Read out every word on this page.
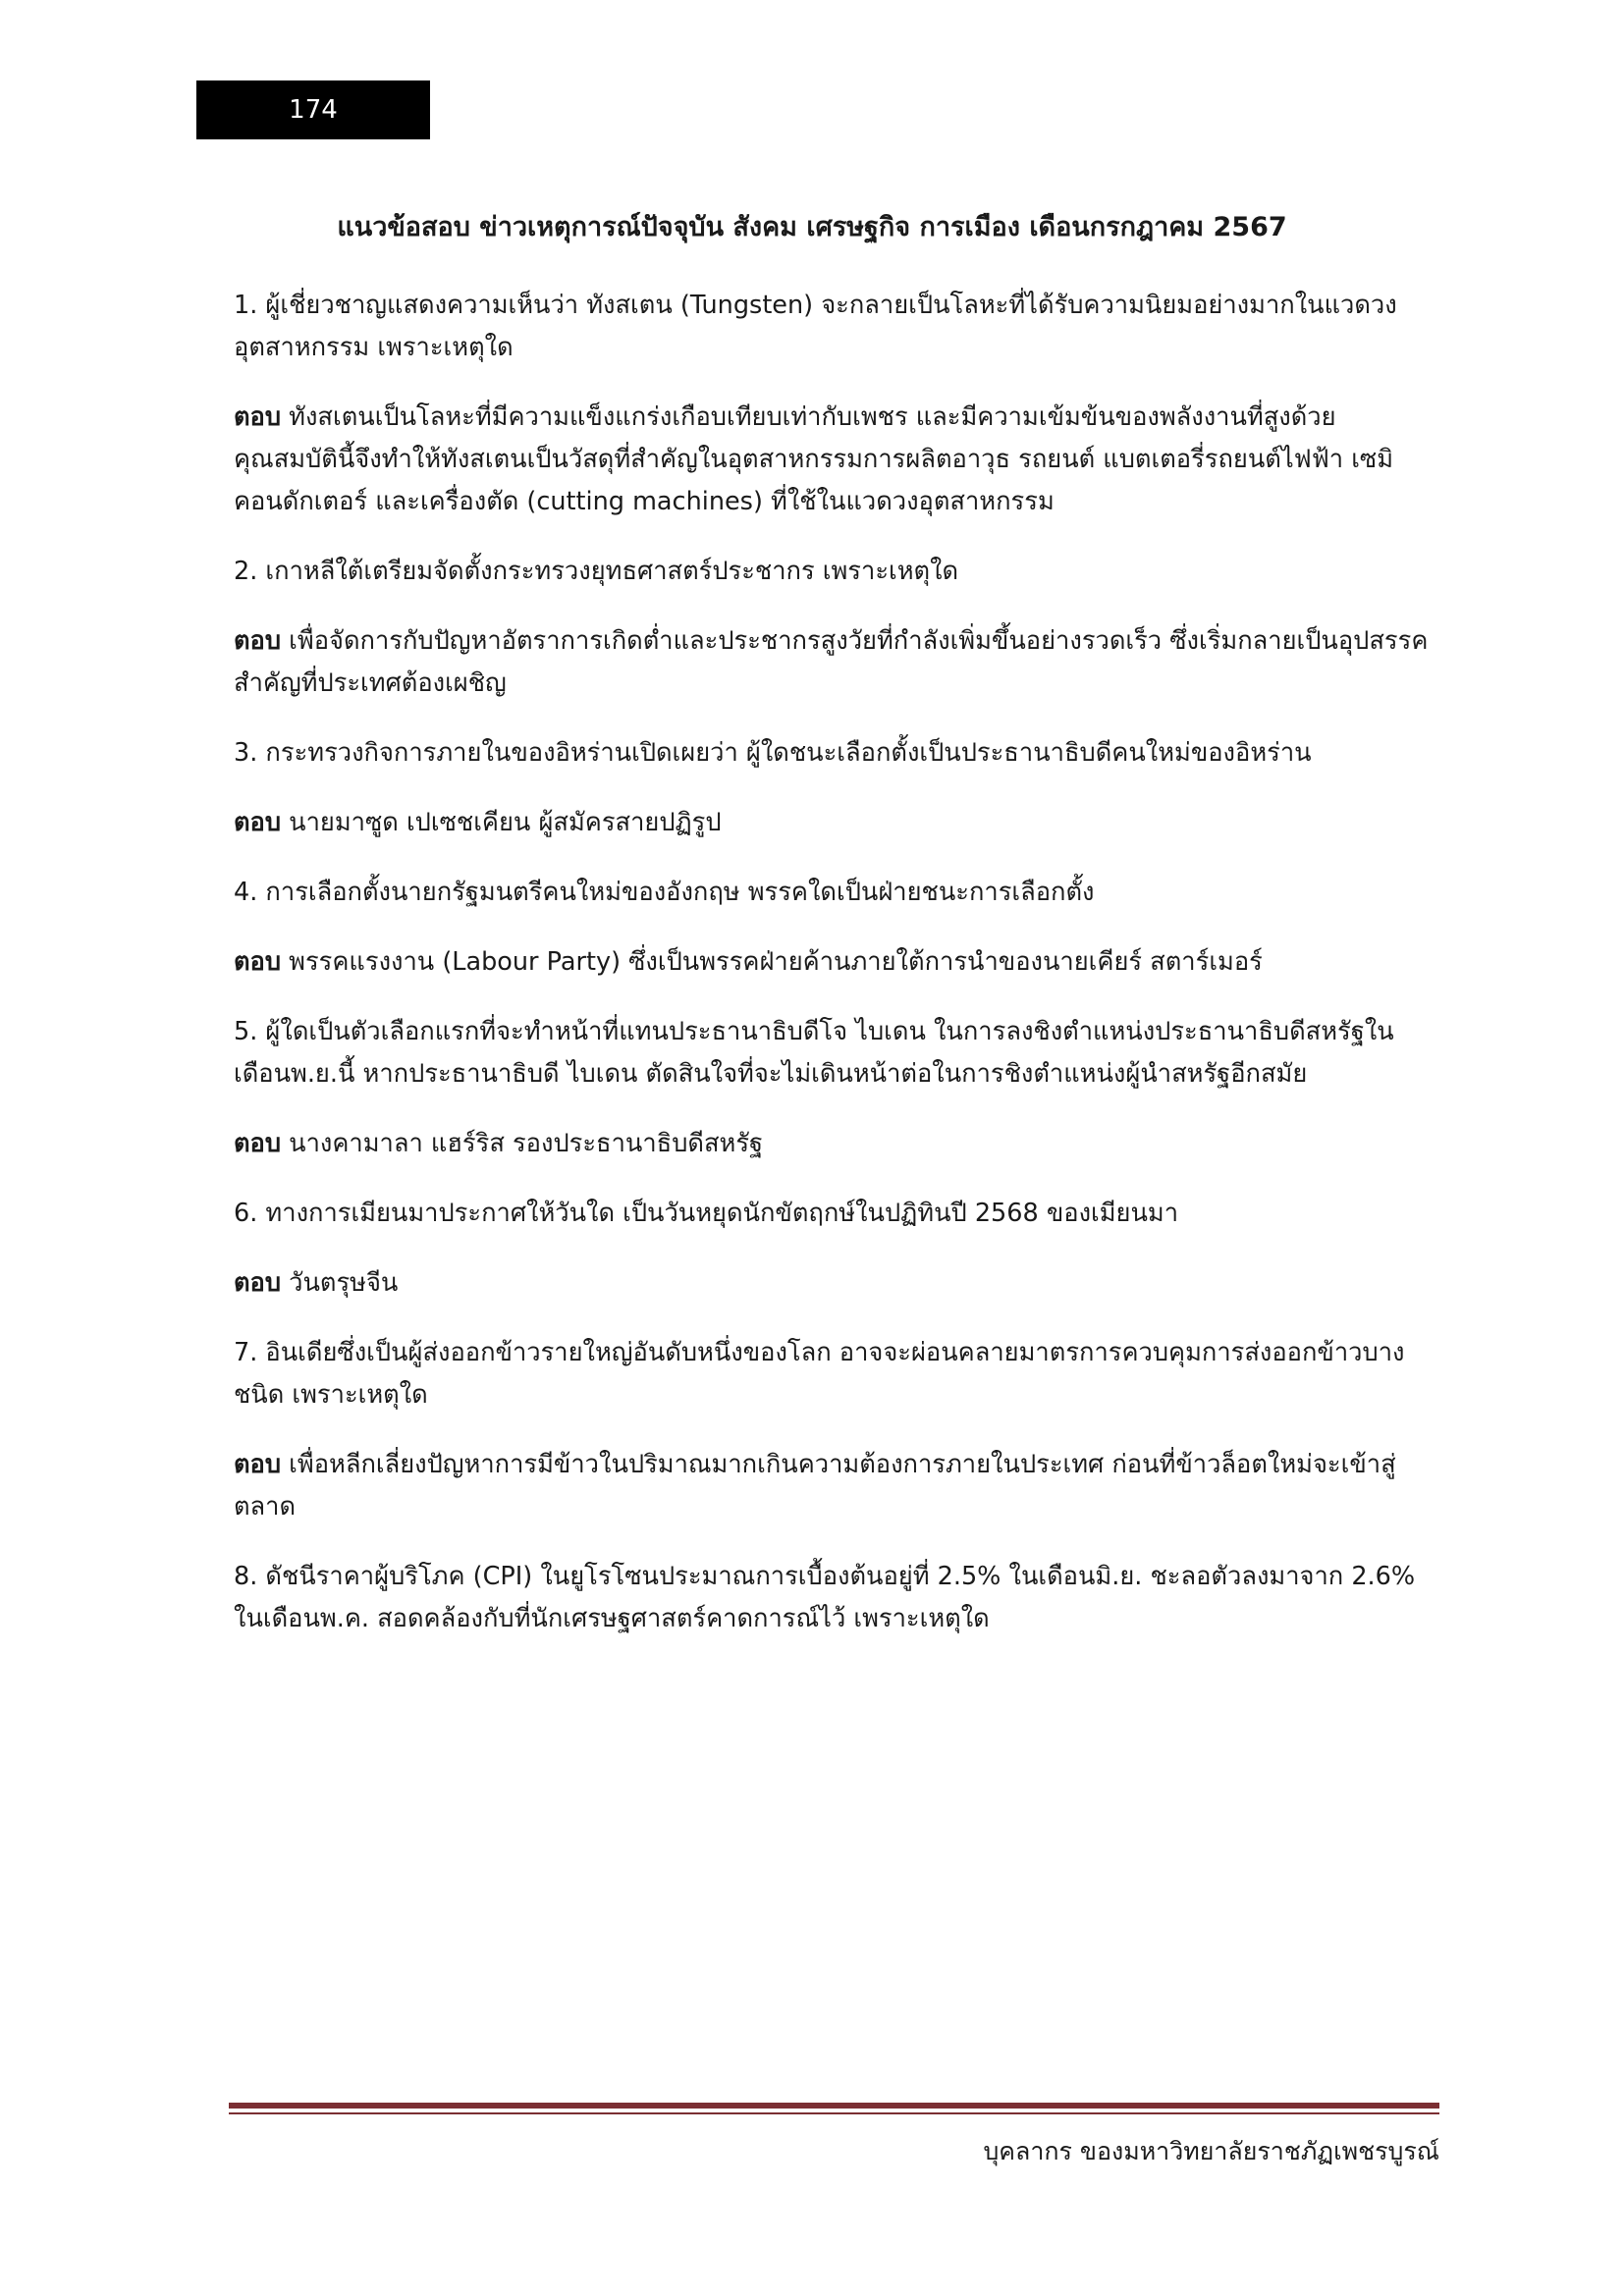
174
แนวข้อสอบ ข่าวเหตุการณ์ปัจจุบัน สังคม เศรษฐกิจ การเมือง เดือนกรกฎาคม 2567

1. ผู้เชี่ยวชาญแสดงความเห็นว่า ทังสเตน (Tungsten) จะกลายเป็นโลหะที่ได้รับความนิยมอย่างมากในแวดวงอุตสาหกรรม เพราะเหตุใด

ตอบ ทังสเตนเป็นโลหะที่มีความแข็งแกร่งเกือบเทียบเท่ากับเพชร และมีความเข้มข้นของพลังงานที่สูงด้วย คุณสมบัตินี้จึงทำให้ทังสเตนเป็นวัสดุที่สำคัญในอุตสาหกรรมการผลิตอาวุธ รถยนต์ แบตเตอรี่รถยนต์ไฟฟ้า เซมิคอนดักเตอร์ และเครื่องตัด (cutting machines) ที่ใช้ในแวดวงอุตสาหกรรม

2. เกาหลีใต้เตรียมจัดตั้งกระทรวงยุทธศาสตร์ประชากร เพราะเหตุใด

ตอบ เพื่อจัดการกับปัญหาอัตราการเกิดต่ำและประชากรสูงวัยที่กำลังเพิ่มขึ้นอย่างรวดเร็ว ซึ่งเริ่มกลายเป็นอุปสรรคสำคัญที่ประเทศต้องเผชิญ

3. กระทรวงกิจการภายในของอิหร่านเปิดเผยว่า ผู้ใดชนะเลือกตั้งเป็นประธานาธิบดีคนใหม่ของอิหร่าน

ตอบ นายมาซูด เปเซชเคียน ผู้สมัครสายปฏิรูป

4. การเลือกตั้งนายกรัฐมนตรีคนใหม่ของอังกฤษ พรรคใดเป็นฝ่ายชนะการเลือกตั้ง

ตอบ พรรคแรงงาน (Labour Party) ซึ่งเป็นพรรคฝ่ายค้านภายใต้การนำของนายเคียร์ สตาร์เมอร์

5. ผู้ใดเป็นตัวเลือกแรกที่จะทำหน้าที่แทนประธานาธิบดีโจ ไบเดน ในการลงชิงตำแหน่งประธานาธิบดีสหรัฐในเดือนพ.ย.นี้ หากประธานาธิบดี ไบเดน ตัดสินใจที่จะไม่เดินหน้าต่อในการชิงตำแหน่งผู้นำสหรัฐอีกสมัย

ตอบ นางคามาลา แฮร์ริส รองประธานาธิบดีสหรัฐ

6. ทางการเมียนมาประกาศให้วันใด เป็นวันหยุดนักขัตฤกษ์ในปฏิทินปี 2568 ของเมียนมา

ตอบ วันตรุษจีน

7. อินเดียซึ่งเป็นผู้ส่งออกข้าวรายใหญ่อันดับหนึ่งของโลก อาจจะผ่อนคลายมาตรการควบคุมการส่งออกข้าวบางชนิด เพราะเหตุใด

ตอบ เพื่อหลีกเลี่ยงปัญหาการมีข้าวในปริมาณมากเกินความต้องการภายในประเทศ ก่อนที่ข้าวล็อตใหม่จะเข้าสู่ตลาด

8. ดัชนีราคาผู้บริโภค (CPI) ในยูโรโซนประมาณการเบื้องต้นอยู่ที่ 2.5% ในเดือนมิ.ย. ชะลอตัวลงมาจาก 2.6% ในเดือนพ.ค. สอดคล้องกับที่นักเศรษฐศาสตร์คาดการณ์ไว้ เพราะเหตุใด

บุคลากร ของมหาวิทยาลัยราชภัฏเพชรบูรณ์
